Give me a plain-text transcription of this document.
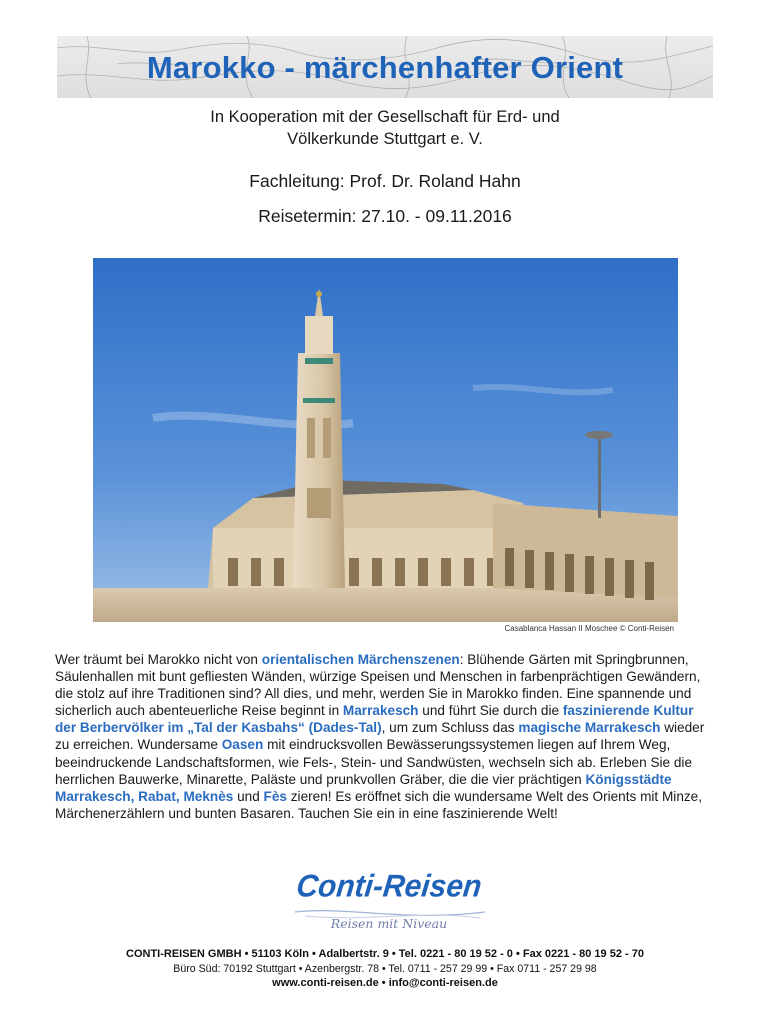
Marokko - märchenhafter Orient
In Kooperation mit der Gesellschaft für Erd- und
Völkerkunde Stuttgart e. V.
Fachleitung: Prof. Dr. Roland Hahn
Reisetermin: 27.10. - 09.11.2016
Casablanca Hassan II Moschee © Conti-Reisen
Wer träumt bei Marokko nicht von orientalischen Märchenszenen: Blühende Gärten mit Springbrunnen, Säulenhallen mit bunt gefliesten Wänden, würzige Speisen und Menschen in farbenprächtigen Gewändern, die stolz auf ihre Traditionen sind? All dies, und mehr, werden Sie in Marokko finden. Eine spannende und sicherlich auch abenteuerliche Reise beginnt in Marrakesch und führt Sie durch die faszinierende Kultur der Berbervölker im „Tal der Kasbahs“ (Dades-Tal), um zum Schluss das magische Marrakesch wieder zu erreichen. Wundersame Oasen mit eindrucksvollen Bewässerungssystemen liegen auf Ihrem Weg, beeindruckende Landschaftsformen, wie Fels-, Stein- und Sandwüsten, wechseln sich ab. Erleben Sie die herrlichen Bauwerke, Minarette, Paläste und prunkvollen Gräber, die die vier prächtigen Königsstädte Marrakesch, Rabat, Meknès und Fès zieren! Es eröffnet sich die wundersame Welt des Orients mit Minze, Märchenerzählern und bunten Basaren. Tauchen Sie ein in eine faszinierende Welt!
Conti-Reisen
Reisen mit Niveau
CONTI-REISEN GMBH • 51103 Köln • Adalbertstr. 9 • Tel. 0221 - 80 19 52 - 0 • Fax 0221 - 80 19 52 - 70
Büro Süd: 70192 Stuttgart • Azenbergstr. 78 • Tel. 0711 - 257 29 99 • Fax 0711 - 257 29 98
www.conti-reisen.de • info@conti-reisen.de
